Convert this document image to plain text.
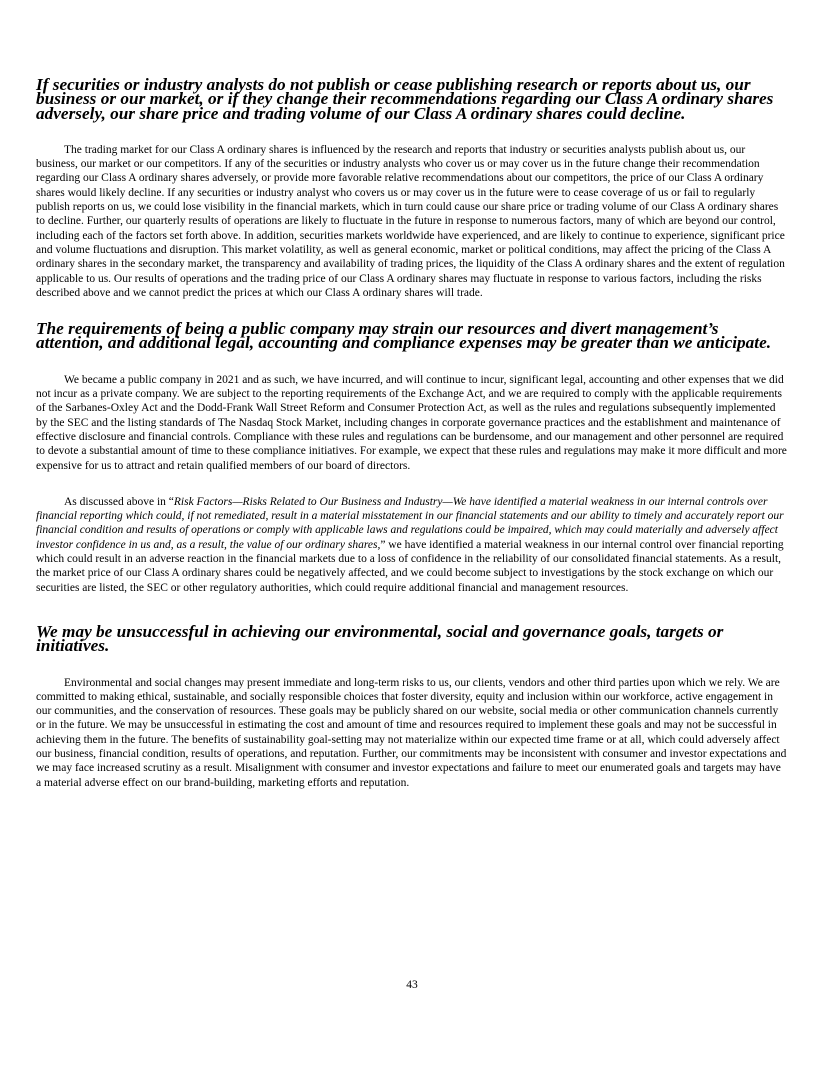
If securities or industry analysts do not publish or cease publishing research or reports about us, our business or our market, or if they change their recommendations regarding our Class A ordinary shares adversely, our share price and trading volume of our Class A ordinary shares could decline.

The trading market for our Class A ordinary shares is influenced by the research and reports that industry or securities analysts publish about us, our business, our market or our competitors. If any of the securities or industry analysts who cover us or may cover us in the future change their recommendation regarding our Class A ordinary shares adversely, or provide more favorable relative recommendations about our competitors, the price of our Class A ordinary shares would likely decline. If any securities or industry analyst who covers us or may cover us in the future were to cease coverage of us or fail to regularly publish reports on us, we could lose visibility in the financial markets, which in turn could cause our share price or trading volume of our Class A ordinary shares to decline. Further, our quarterly results of operations are likely to fluctuate in the future in response to numerous factors, many of which are beyond our control, including each of the factors set forth above. In addition, securities markets worldwide have experienced, and are likely to continue to experience, significant price and volume fluctuations and disruption. This market volatility, as well as general economic, market or political conditions, may affect the pricing of the Class A ordinary shares in the secondary market, the transparency and availability of trading prices, the liquidity of the Class A ordinary shares and the extent of regulation applicable to us. Our results of operations and the trading price of our Class A ordinary shares may fluctuate in response to various factors, including the risks described above and we cannot predict the prices at which our Class A ordinary shares will trade.

The requirements of being a public company may strain our resources and divert management’s attention, and additional legal, accounting and compliance expenses may be greater than we anticipate.

We became a public company in 2021 and as such, we have incurred, and will continue to incur, significant legal, accounting and other expenses that we did not incur as a private company. We are subject to the reporting requirements of the Exchange Act, and we are required to comply with the applicable requirements of the Sarbanes-Oxley Act and the Dodd-Frank Wall Street Reform and Consumer Protection Act, as well as the rules and regulations subsequently implemented by the SEC and the listing standards of The Nasdaq Stock Market, including changes in corporate governance practices and the establishment and maintenance of effective disclosure and financial controls. Compliance with these rules and regulations can be burdensome, and our management and other personnel are required to devote a substantial amount of time to these compliance initiatives. For example, we expect that these rules and regulations may make it more difficult and more expensive for us to attract and retain qualified members of our board of directors.

As discussed above in “Risk Factors—Risks Related to Our Business and Industry—We have identified a material weakness in our internal controls over financial reporting which could, if not remediated, result in a material misstatement in our financial statements and our ability to timely and accurately report our financial condition and results of operations or comply with applicable laws and regulations could be impaired, which may could materially and adversely affect investor confidence in us and, as a result, the value of our ordinary shares,” we have identified a material weakness in our internal control over financial reporting which could result in an adverse reaction in the financial markets due to a loss of confidence in the reliability of our consolidated financial statements. As a result, the market price of our Class A ordinary shares could be negatively affected, and we could become subject to investigations by the stock exchange on which our securities are listed, the SEC or other regulatory authorities, which could require additional financial and management resources.

We may be unsuccessful in achieving our environmental, social and governance goals, targets or initiatives.

Environmental and social changes may present immediate and long-term risks to us, our clients, vendors and other third parties upon which we rely. We are committed to making ethical, sustainable, and socially responsible choices that foster diversity, equity and inclusion within our workforce, active engagement in our communities, and the conservation of resources. These goals may be publicly shared on our website, social media or other communication channels currently or in the future. We may be unsuccessful in estimating the cost and amount of time and resources required to implement these goals and may not be successful in achieving them in the future. The benefits of sustainability goal-setting may not materialize within our expected time frame or at all, which could adversely affect our business, financial condition, results of operations, and reputation. Further, our commitments may be inconsistent with consumer and investor expectations and we may face increased scrutiny as a result. Misalignment with consumer and investor expectations and failure to meet our enumerated goals and targets may have a material adverse effect on our brand-building, marketing efforts and reputation.

43
